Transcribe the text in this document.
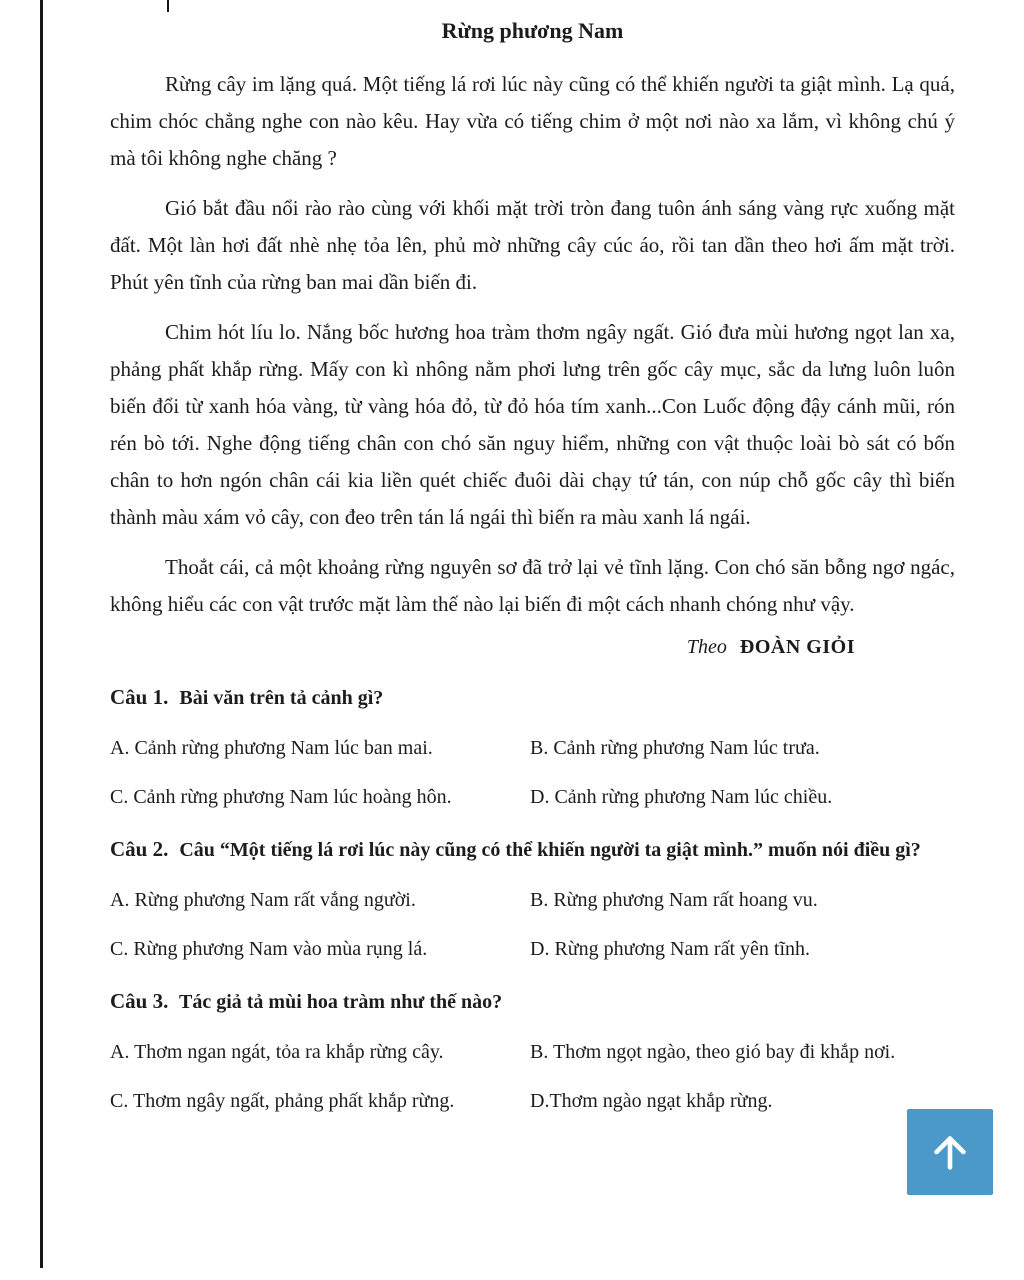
Rừng phương Nam

Rừng cây im lặng quá. Một tiếng lá rơi lúc này cũng có thể khiến người ta giật mình. Lạ quá, chim chóc chẳng nghe con nào kêu. Hay vừa có tiếng chim ở một nơi nào xa lắm, vì không chú ý mà tôi không nghe chăng ?

Gió bắt đầu nổi rào rào cùng với khối mặt trời tròn đang tuôn ánh sáng vàng rực xuống mặt đất. Một làn hơi đất nhè nhẹ tỏa lên, phủ mờ những cây cúc áo, rồi tan dần theo hơi ấm mặt trời. Phút yên tĩnh của rừng ban mai dần biến đi.

Chim hót líu lo. Nắng bốc hương hoa tràm thơm ngây ngất. Gió đưa mùi hương ngọt lan xa, phảng phất khắp rừng. Mấy con kì nhông nằm phơi lưng trên gốc cây mục, sắc da lưng luôn luôn biến đổi từ xanh hóa vàng, từ vàng hóa đỏ, từ đỏ hóa tím xanh...Con Luốc động đậy cánh mũi, rón rén bò tới. Nghe động tiếng chân con chó săn nguy hiểm, những con vật thuộc loài bò sát có bốn chân to hơn ngón chân cái kia liền quét chiếc đuôi dài chạy tứ tán, con núp chỗ gốc cây thì biến thành màu xám vỏ cây, con đeo trên tán lá ngái thì biến ra màu xanh lá ngái.

Thoắt cái, cả một khoảng rừng nguyên sơ đã trở lại vẻ tĩnh lặng. Con chó săn bỗng ngơ ngác, không hiểu các con vật trước mặt làm thế nào lại biến đi một cách nhanh chóng như vậy.

Theo ĐOÀN GIỎI
Câu 1. Bài văn trên tả cảnh gì?
A. Cảnh rừng phương Nam lúc ban mai.	B. Cảnh rừng phương Nam lúc trưa.
C. Cảnh rừng phương Nam lúc hoàng hôn.	D. Cảnh rừng phương Nam lúc chiều.
Câu 2. Câu “Một tiếng lá rơi lúc này cũng có thể khiến người ta giật mình.” muốn nói điều gì?
A. Rừng phương Nam rất vắng người.	B. Rừng phương Nam rất hoang vu.
C. Rừng phương Nam vào mùa rụng lá.	D. Rừng phương Nam rất yên tĩnh.
Câu 3. Tác giả tả mùi hoa tràm như thế nào?
A. Thơm ngan ngát, tỏa ra khắp rừng cây.	B. Thơm ngọt ngào, theo gió bay đi khắp nơi.
C. Thơm ngây ngất, phảng phất khắp rừng.	D.Thơm ngào ngạt khắp rừng.
